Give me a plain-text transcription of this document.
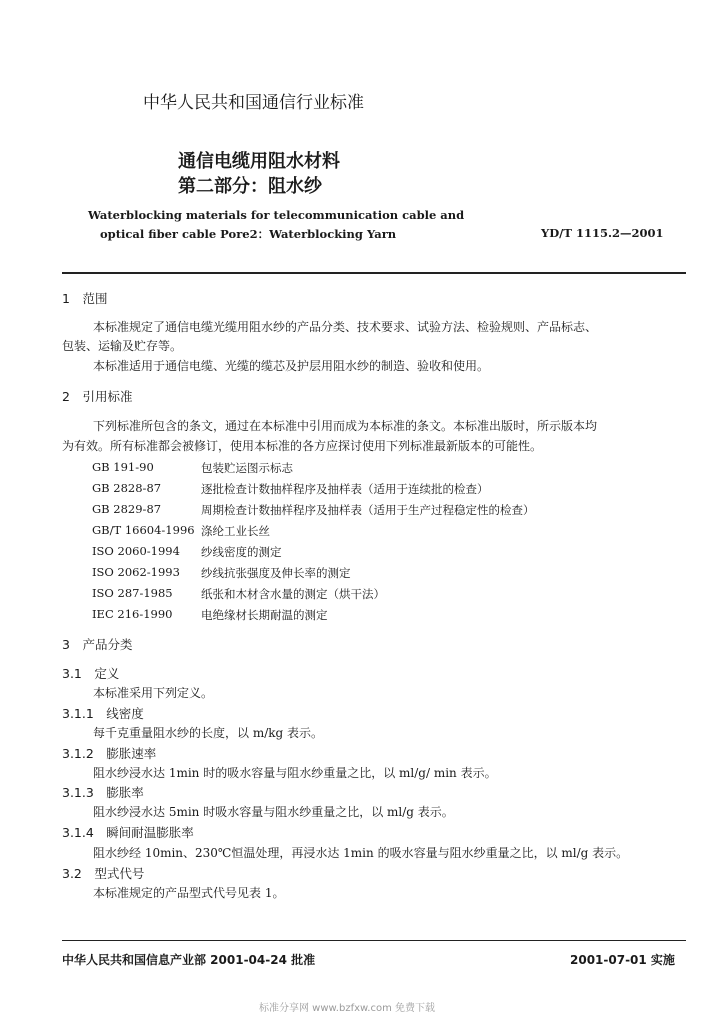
中华人民共和国通信行业标准
通信电缆用阻水材料
第二部分：阻水纱
Waterblocking materials for telecommunication cable and
optical fiber cable Pore2：Waterblocking Yarn	YD/T 1115.2—2001
1　范围
本标准规定了通信电缆光缆用阻水纱的产品分类、技术要求、试验方法、检验规则、产品标志、
包装、运输及贮存等。
本标准适用于通信电缆、光缆的缆芯及护层用阻水纱的制造、验收和使用。
2　引用标准
下列标准所包含的条文，通过在本标准中引用而成为本标准的条文。本标准出版时，所示版本均
为有效。所有标准都会被修订，使用本标准的各方应探讨使用下列标准最新版本的可能性。
GB 191-90	包装贮运图示标志
GB 2828-87	逐批检查计数抽样程序及抽样表（适用于连续批的检查）
GB 2829-87	周期检查计数抽样程序及抽样表（适用于生产过程稳定性的检查）
GB/T 16604-1996 涤纶工业长丝
ISO 2060-1994 纱线密度的测定
ISO 2062-1993 纱线抗张强度及伸长率的测定
ISO 287-1985 纸张和木材含水量的测定（烘干法）
IEC 216-1990 电绝缘材长期耐温的测定
3　产品分类
3.1　定义
本标准采用下列定义。
3.1.1　线密度
每千克重量阻水纱的长度，以 m/kg 表示。
3.1.2　膨胀速率
阻水纱浸水达 1min 时的吸水容量与阻水纱重量之比，以 ml/g/ min 表示。
3.1.3　膨胀率
阻水纱浸水达 5min 时吸水容量与阻水纱重量之比，以 ml/g 表示。
3.1.4　瞬间耐温膨胀率
阻水纱经 10min、230℃恒温处理，再浸水达 1min 的吸水容量与阻水纱重量之比，以 ml/g 表示。
3.2　型式代号
本标准规定的产品型式代号见表 1。
中华人民共和国信息产业部 2001-04-24 批准	2001-07-01 实施
标准分享网 www.bzfxw.com 免费下载
